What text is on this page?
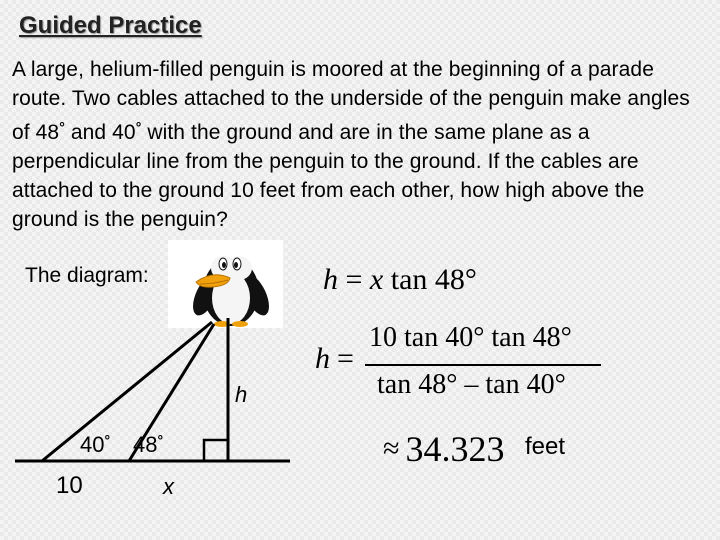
Guided Practice
A large, helium-filled penguin is moored at the beginning of a parade route. Two cables attached to the underside of the penguin make angles of 48° and 40° with the ground and are in the same plane as a perpendicular line from the penguin to the ground. If the cables are attached to the ground 10 feet from each other, how high above the ground is the penguin?
The diagram:
h
40° 48°
10	x
h = x tan 48°
h =
10 tan 40° tan 48°
tan 48° – tan 40°
≈ 34.323 feet
